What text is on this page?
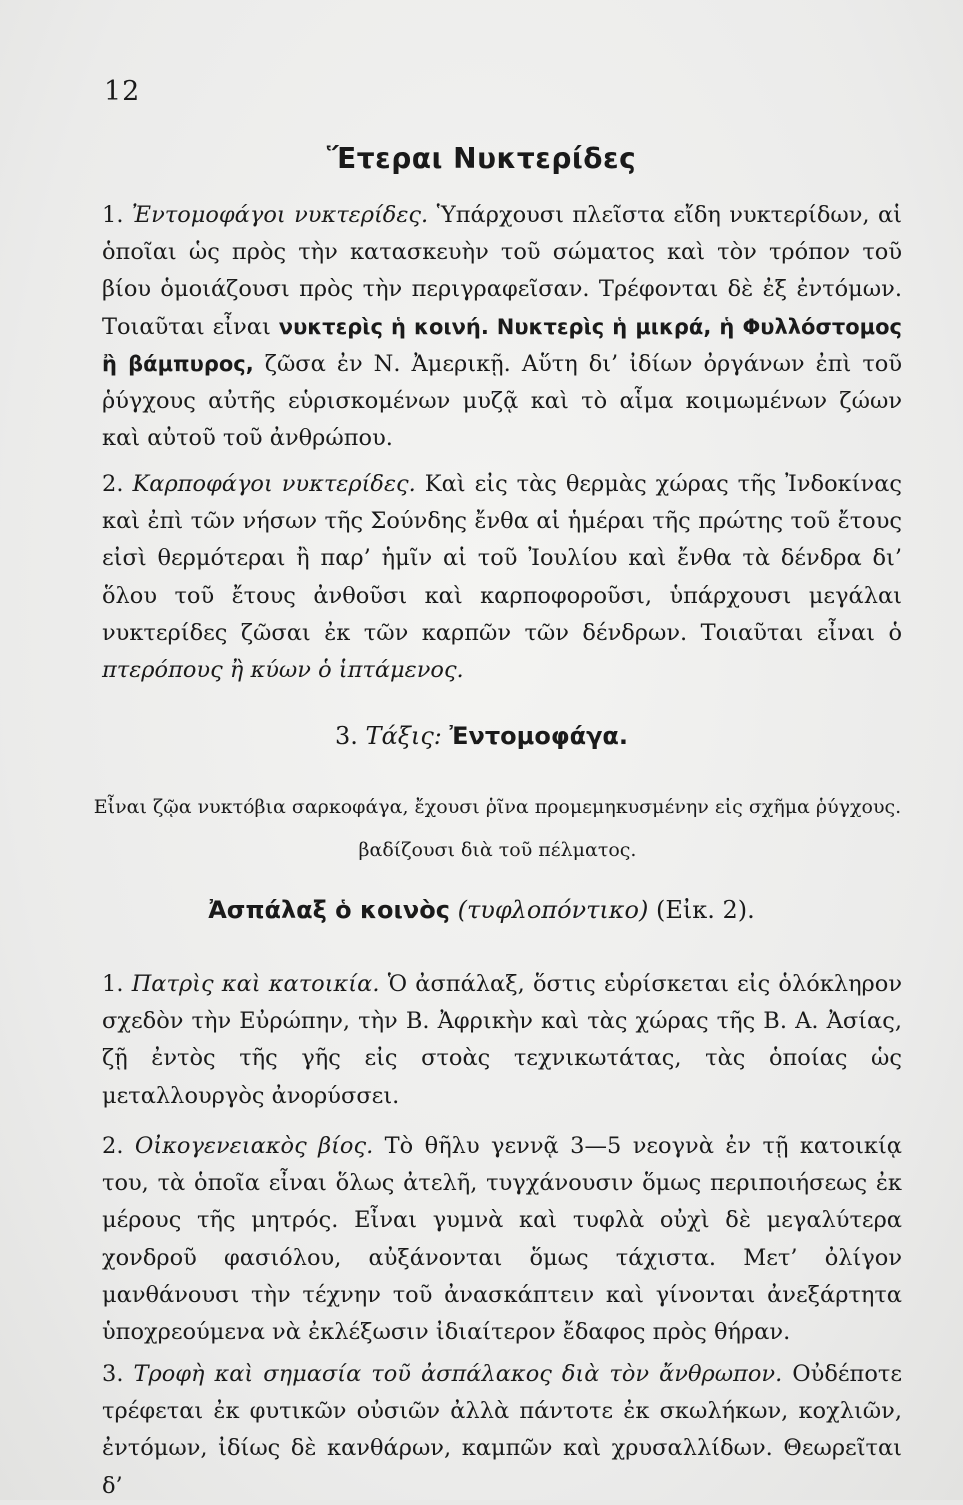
12
Ἕτεραι Νυκτερίδες

1. Ἐντομοφάγοι νυκτερίδες. Ὑπάρχουσι πλεῖστα εἴδη νυκτερίδων, αἱ ὁποῖαι ὡς πρὸς τὴν κατασκευὴν τοῦ σώματος καὶ τὸν τρόπον τοῦ βίου ὁμοιάζουσι πρὸς τὴν περιγραφεῖσαν. Τρέφονται δὲ ἐξ ἐντόμων. Τοιαῦται εἶναι νυκτερὶς ἡ κοινή. Νυκτερὶς ἡ μικρά, ἡ Φυλλόστομος ἢ βάμπυρος, ζῶσα ἐν Ν. Ἀμερικῇ. Αὕτη δι’ ἰδίων ὀργάνων ἐπὶ τοῦ ῥύγχους αὐτῆς εὑρισκομένων μυζᾷ καὶ τὸ αἷμα κοιμωμένων ζώων καὶ αὐτοῦ τοῦ ἀνθρώπου.

2. Καρποφάγοι νυκτερίδες. Καὶ εἰς τὰς θερμὰς χώρας τῆς Ἰνδοκίνας καὶ ἐπὶ τῶν νήσων τῆς Σούνδης ἔνθα αἱ ἡμέραι τῆς πρώτης τοῦ ἔτους εἰσὶ θερμότεραι ἢ παρ’ ἡμῖν αἱ τοῦ Ἰουλίου καὶ ἔνθα τὰ δένδρα δι’ ὅλου τοῦ ἔτους ἀνθοῦσι καὶ καρποφοροῦσι, ὑπάρχουσι μεγάλαι νυκτερίδες ζῶσαι ἐκ τῶν καρπῶν τῶν δένδρων. Τοιαῦται εἶναι ὁ πτερόπους ἢ κύων ὁ ἱπτάμενος.

3. Τάξις: Ἐντομοφάγα.

Εἶναι ζῷα νυκτόβια σαρκοφάγα, ἔχουσι ῥῖνα προμεμηκυσμένην εἰς σχῆμα ῥύγχους.

βαδίζουσι διὰ τοῦ πέλματος.

Ἀσπάλαξ ὁ κοινὸς (τυφλοπόντικο) (Εἰκ. 2).

1. Πατρὶς καὶ κατοικία. Ὁ ἀσπάλαξ, ὅστις εὑρίσκεται εἰς ὁλόκληρον σχεδὸν τὴν Εὐρώπην, τὴν Β. Ἀφρικὴν καὶ τὰς χώρας τῆς Β. Α. Ἀσίας, ζῇ ἐντὸς τῆς γῆς εἰς στοὰς τεχνικωτάτας, τὰς ὁποίας ὡς μεταλλουργὸς ἀνορύσσει.

2. Οἰκογενειακὸς βίος. Τὸ θῆλυ γεννᾷ 3—5 νεογνὰ ἐν τῇ κατοικίᾳ του, τὰ ὁποῖα εἶναι ὅλως ἀτελῆ, τυγχάνουσιν ὅμως περιποιήσεως ἐκ μέρους τῆς μητρός. Εἶναι γυμνὰ καὶ τυφλὰ οὐχὶ δὲ μεγαλύτερα χονδροῦ φασιόλου, αὐξάνονται ὅμως τάχιστα. Μετ’ ὀλίγον μανθάνουσι τὴν τέχνην τοῦ ἀνασκάπτειν καὶ γίνονται ἀνεξάρτητα ὑποχρεούμενα νὰ ἐκλέξωσιν ἰδιαίτερον ἔδαφος πρὸς θήραν.

3. Τροφὴ καὶ σημασία τοῦ ἀσπάλακος διὰ τὸν ἄνθρωπον. Οὐδέποτε τρέφεται ἐκ φυτικῶν οὐσιῶν ἀλλὰ πάντοτε ἐκ σκωλήκων, κοχλιῶν, ἐντόμων, ἰδίως δὲ κανθάρων, καμπῶν καὶ χρυσαλλίδων. Θεωρεῖται δ’
